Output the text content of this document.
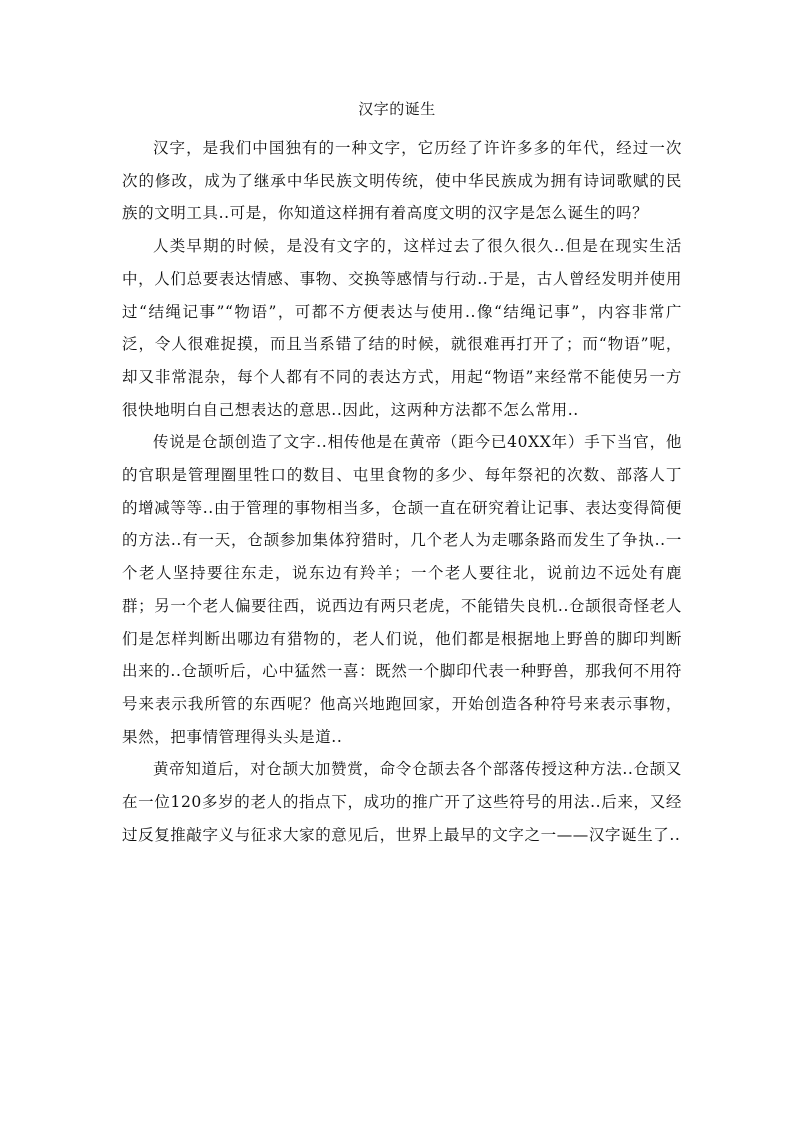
汉字的诞生

汉字，是我们中国独有的一种文字，它历经了许许多多的年代，经过一次次的修改，成为了继承中华民族文明传统，使中华民族成为拥有诗词歌赋的民族的文明工具..可是，你知道这样拥有着高度文明的汉字是怎么诞生的吗？

人类早期的时候，是没有文字的，这样过去了很久很久..但是在现实生活中，人们总要表达情感、事物、交换等感情与行动..于是，古人曾经发明并使用过“结绳记事”“物语”，可都不方便表达与使用..像“结绳记事”，内容非常广泛，令人很难捉摸，而且当系错了结的时候，就很难再打开了；而“物语”呢，却又非常混杂，每个人都有不同的表达方式，用起“物语”来经常不能使另一方很快地明白自己想表达的意思..因此，这两种方法都不怎么常用..

传说是仓颉创造了文字..相传他是在黄帝（距今已40XX年）手下当官，他的官职是管理圈里牲口的数目、屯里食物的多少、每年祭祀的次数、部落人丁的增减等等..由于管理的事物相当多，仓颉一直在研究着让记事、表达变得简便的方法..有一天，仓颉参加集体狩猎时，几个老人为走哪条路而发生了争执..一个老人坚持要往东走，说东边有羚羊；一个老人要往北，说前边不远处有鹿群；另一个老人偏要往西，说西边有两只老虎，不能错失良机..仓颉很奇怪老人们是怎样判断出哪边有猎物的，老人们说，他们都是根据地上野兽的脚印判断出来的..仓颉听后，心中猛然一喜：既然一个脚印代表一种野兽，那我何不用符号来表示我所管的东西呢？他高兴地跑回家，开始创造各种符号来表示事物，果然，把事情管理得头头是道..

黄帝知道后，对仓颉大加赞赏，命令仓颉去各个部落传授这种方法..仓颉又在一位120多岁的老人的指点下，成功的推广开了这些符号的用法..后来，又经过反复推敲字义与征求大家的意见后，世界上最早的文字之一——汉字诞生了..
